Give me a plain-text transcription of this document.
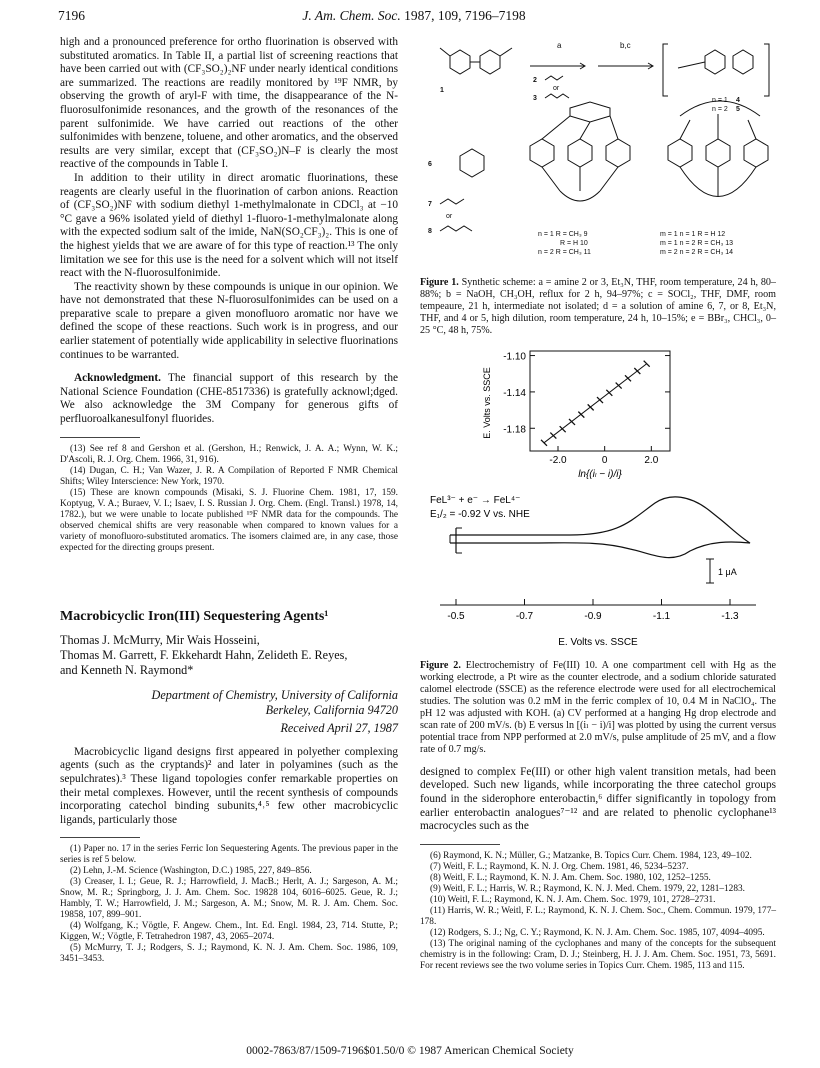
7196	J. Am. Chem. Soc. 1987, 109, 7196–7198

high and a pronounced preference for ortho fluorination is observed with substituted aromatics. In Table II, a partial list of screening reactions that have been carried out with (CF₃SO₂)₂NF under nearly identical conditions are summarized. The reactions are readily monitored by ¹⁹F NMR, by observing the growth of aryl-F with time, the disappearance of the N-fluorosulfonimide resonances, and the growth of the resonances of the parent sulfonimide. We have carried out reactions of the other sulfonimides with benzene, toluene, and other aromatics, and the observed results are very similar, except that (CF₃SO₂)N–F is clearly the most reactive of the compounds in Table I.

In addition to their utility in direct aromatic fluorinations, these reagents are clearly useful in the fluorination of carbon anions. Reaction of (CF₃SO₂)NF with sodium diethyl 1-methylmalonate in CDCl₃ at −10 °C gave a 96% isolated yield of diethyl 1-fluoro-1-methylmalonate along with the expected sodium salt of the imide, NaN(SO₂CF₃)₂. This is one of the highest yields that we are aware of for this type of reaction.¹³ The only limitation we see for this use is the need for a solvent which will not itself react with the N-fluorosulfonimide.

The reactivity shown by these compounds is unique in our opinion. We have not demonstrated that these N-fluorosulfonimides can be used on a preparative scale to prepare a given monofluoro aromatic nor have we defined the scope of these reactions. Such work is in progress, and our earlier statement of potentially wide applicability in selective fluorinations continues to be warranted.

Acknowledgment. The financial support of this research by the National Science Foundation (CHE-8517336) is gratefully acknowl;dged. We also acknowledge the 3M Company for generous gifts of perfluoroalkanesulfonyl fluorides.

(13) See ref 8 and Gershon et al. (Gershon, H.; Renwick, J. A. A.; Wynn, W. K.; D'Ascoli, R. J. Org. Chem. 1966, 31, 916).
(14) Dugan, C. H.; Van Wazer, J. R. A Compilation of Reported F NMR Chemical Shifts; Wiley Interscience: New York, 1970.
(15) These are known compounds (Misaki, S. J. Fluorine Chem. 1981, 17, 159. Koptyug, V. A.; Buraev, V. I.; Isaev, I. S. Russian J. Org. Chem. (Engl. Transl.) 1978, 14, 1782.), but we were unable to locate published ¹⁹F NMR data for the compounds. The observed chemical shifts are very reasonable when compared to known values for a variety of monofluoro-substituted aromatics. The isomers claimed are, in any case, those expected for the directing groups present.
Macrobicyclic Iron(III) Sequestering Agents¹
Thomas J. McMurry, Mir Wais Hosseini,
Thomas M. Garrett, F. Ekkehardt Hahn, Zelideth E. Reyes,
and Kenneth N. Raymond*
Department of Chemistry, University of California
Berkeley, California 94720
Received April 27, 1987

Macrobicyclic ligand designs first appeared in polyether complexing agents (such as the cryptands)² and later in polyamines (such as the sepulchrates).³ These ligand topologies confer remarkable properties on their metal complexes. However, until the recent synthesis of compounds incorporating catechol binding subunits,⁴˒⁵ few other macrobicyclic ligands, particularly those

(1) Paper no. 17 in the series Ferric Ion Sequestering Agents. The previous paper in the series is ref 5 below.
(2) Lehn, J.-M. Science (Washington, D.C.) 1985, 227, 849–856.
(3) Creaser, I. I.; Geue, R. J.; Harrowfield, J. MacB.; Herlt, A. J.; Sargeson, A. M.; Snow, M. R.; Springborg, J. J. Am. Chem. Soc. 19828 104, 6016–6025. Geue, R. J.; Hambly, T. W.; Harrowfield, J. M.; Sargeson, A. M.; Snow, M. R. J. Am. Chem. Soc. 19858, 107, 899–901.
(4) Wolfgang, K.; Vögtle, F. Angew. Chem., Int. Ed. Engl. 1984, 23, 714. Stutte, P.; Kiggen, W.; Vögtle, F. Tetrahedron 1987, 43, 2065–2074.
(5) McMurry, T. J.; Rodgers, S. J.; Raymond, K. N. J. Am. Chem. Soc. 1986, 109, 3451–3453.
a	b,c
2
or
3
1
n = 1 4
n = 2 5
6
7
or
8	n = 1 R = CH₃ 9
R = H 10
n = 2 R = CH₃ 11
m = 1 n = 1 R = H 12
m = 1 n = 2 R = CH₃ 13
m = 2 n = 2 R = CH₃ 14
Figure 1. Synthetic scheme: a = amine 2 or 3, Et₃N, THF, room temperature, 24 h, 80–88%; b = NaOH, CH₃OH, reflux for 2 h, 94–97%; c = SOCl₂, THF, DMF, room tempeaure, 21 h, intermediate not isolated; d = a solution of amine 6, 7, or 8, Et₃N, THF, and 4 or 5, high dilution, room temperature, 24 h, 10–15%; e = BBr₃, CHCl₃, 0–25 °C, 48 h, 75%.
E. Volts vs. SSCE
ln{(iₗ − i)/i}
-2.0	0	2.0
-1.18
-1.14
-1.10

FeL³⁻ + e⁻ → FeL⁴⁻
E₁/₂ = -0.92 V vs. NHE
1 μA
E. Volts vs. SSCE
-0.5	-0.7	-0.9	-1.1	-1.3
Figure 2. Electrochemistry of Fe(III) 10. A one compartment cell with Hg as the working electrode, a Pt wire as the counter electrode, and a sodium chloride saturated calomel electrode (SSCE) as the reference electrode were used for all electrochemical studies. The solution was 0.2 mM in the ferric complex of 10, 0.4 M in NaClO₄. The pH 12 was adjusted with KOH. (a) CV performed at a hanging Hg drop electrode and scan rate of 200 mV/s. (b) E versus ln [(iₗ − i)/i] was plotted by using the current versus potential trace from NPP performed at 2.0 mV/s, pulse amplitude of 25 mV, and a flow rate of 0.7 mg/s.

designed to complex Fe(III) or other high valent transition metals, had been developed. Such new ligands, while incorporating the three catechol groups found in the siderophore enterobactin,⁶ differ significantly in topology from earlier enterobactin analogues⁷⁻¹² and are related to phenolic cyclophane¹³ macrocycles such as the

(6) Raymond, K. N.; Müller, G.; Matzanke, B. Topics Curr. Chem. 1984, 123, 49–102.
(7) Weitl, F. L.; Raymond, K. N. J. Org. Chem. 1981, 46, 5234–5237.
(8) Weitl, F. L.; Raymond, K. N. J. Am. Chem. Soc. 1980, 102, 1252–1255.
(9) Weitl, F. L.; Harris, W. R.; Raymond, K. N. J. Med. Chem. 1979, 22, 1281–1283.
(10) Weitl, F. L.; Raymond, K. N. J. Am. Chem. Soc. 1979, 101, 2728–2731.
(11) Harris, W. R.; Weitl, F. L.; Raymond, K. N. J. Chem. Soc., Chem. Commun. 1979, 177–178.
(12) Rodgers, S. J.; Ng, C. Y.; Raymond, K. N. J. Am. Chem. Soc. 1985, 107, 4094–4095.
(13) The original naming of the cyclophanes and many of the concepts for the subsequent chemistry is in the following: Cram, D. J.; Steinberg, H. J. J. Am. Chem. Soc. 1951, 73, 5691. For recent reviews see the two volume series in Topics Curr. Chem. 1985, 113 and 115.
0002-7863/87/1509-7196$01.50/0 © 1987 American Chemical Society
